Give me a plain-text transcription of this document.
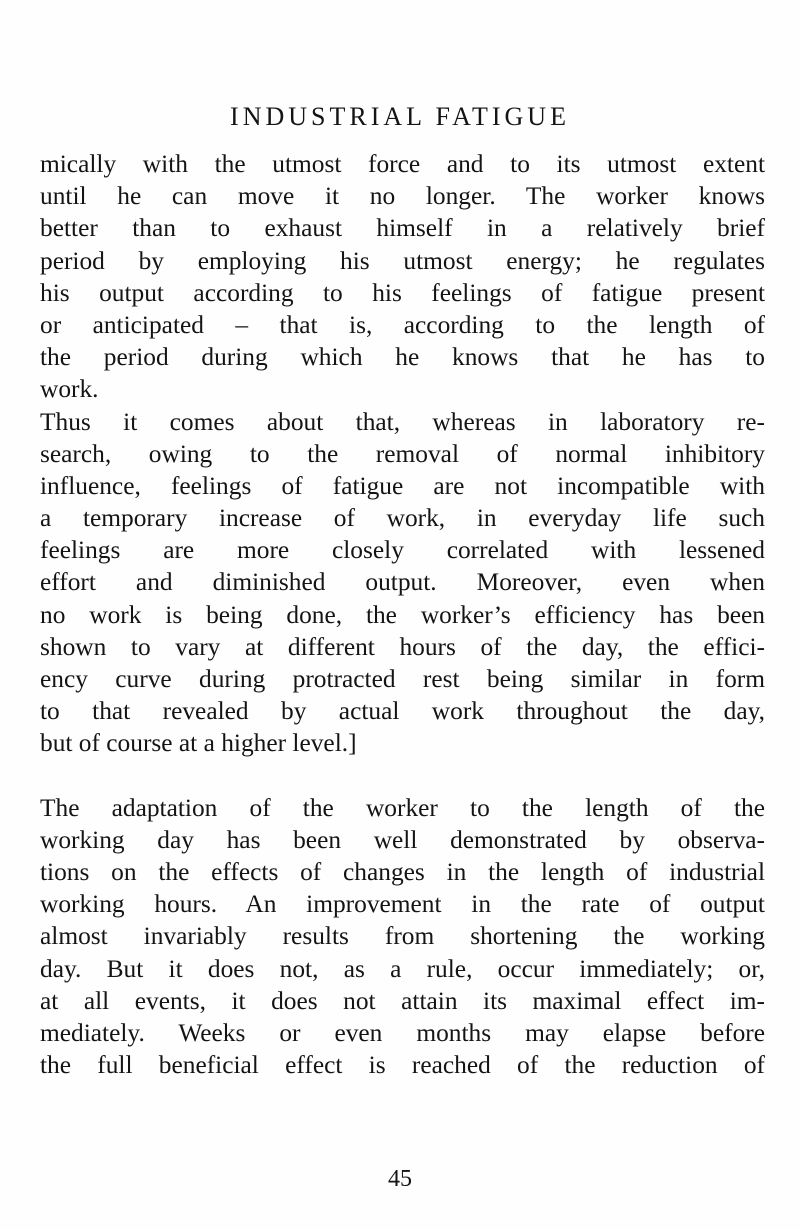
INDUSTRIAL FATIGUE
mically with the utmost force and to its utmost extent
until he can move it no longer. The worker knows
better than to exhaust himself in a relatively brief
period by employing his utmost energy; he regulates
his output according to his feelings of fatigue present
or anticipated – that is, according to the length of
the period during which he knows that he has to
work.
Thus it comes about that, whereas in laboratory re-
search, owing to the removal of normal inhibitory
influence, feelings of fatigue are not incompatible with
a temporary increase of work, in everyday life such
feelings are more closely correlated with lessened
effort and diminished output. Moreover, even when
no work is being done, the worker’s efficiency has been
shown to vary at different hours of the day, the effici-
ency curve during protracted rest being similar in form
to that revealed by actual work throughout the day,
but of course at a higher level.]
The adaptation of the worker to the length of the
working day has been well demonstrated by observa-
tions on the effects of changes in the length of industrial
working hours. An improvement in the rate of output
almost invariably results from shortening the working
day. But it does not, as a rule, occur immediately; or,
at all events, it does not attain its maximal effect im-
mediately. Weeks or even months may elapse before
the full beneficial effect is reached of the reduction of
45
